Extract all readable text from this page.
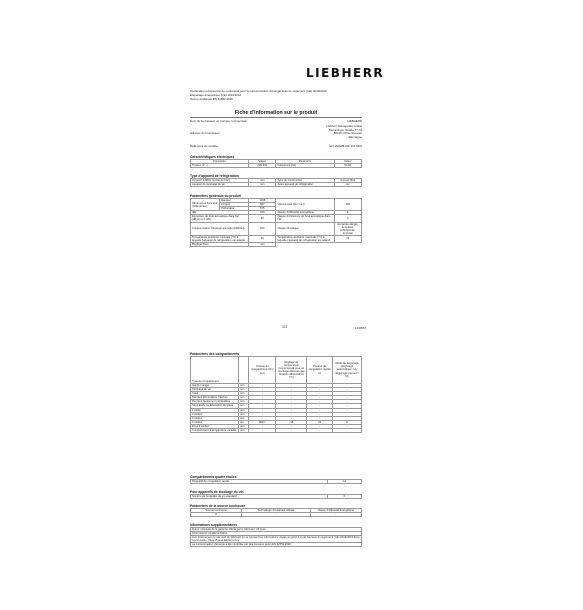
LIEBHERR
Déclaration européenne de conformité pour la consommation d'énergie selon le règlement (UE) 2019/2016
Étiquetage énergétique (UE) 2019/2016
Norme appliquée EN 62552:2020
Fiche d'information sur le produit
Nom du fournisseur ou marque commerciale	LIEBHERR
Adresse du fournisseur
Liebherr-Hausgeräte GmbH
Memminger Straße 77-79
88416 Ochsenhausen
Allemagne
Référence du modèle	EN 16DWB (EF 201 991)
Caractéristiques électriques
Paramètre	Valeur	Paramètre	Valeur
Tension (V ~)	220-240	Fréquence (Hz)	50-60
Type d'appareil de réfrigération
Appareil à faible niveau de bruit	non	Type de construction	à poser libre
Appareil de stockage du vin	non	Autre appareil de réfrigération	oui
Paramètres généraux du produit
Dimensions hors tout (millimètres)	Hauteur	1465	Volume total (dm³ ou l)	399
	Largeur	597		
	Profondeur	675		
IEE		100	Classe d'efficacité énergétique	E
Émissions de bruit acoustique dans l'air (dB(A) re 1 pW)		36	Classe d'émissions de bruit acoustique dans l'air	C
Consommation d'énergie annuelle (kWh/an)		213	Classe climatique	tempérée élargie, tempérée, subtropicale, tropicale
Température ambiante minimale (°C) à laquelle l'appareil de réfrigération est adapté		10	Température ambiante maximale (°C) à laquelle l'appareil de réfrigération est adapté	43
Réglage hiver		non		
1/3	1234567
Paramètres des compartiments
Type de compartiment		Volume du compartiment (dm³ ou l)	Réglage de température recommandé pour un stockage optimisé des denrées alimentaires (°C)	Pouvoir de congélation (kg/24 h)	Mode de dégivrage (dégivrage automatique = A, dégivrage manuel = M)
Garde-manger	non	-	-	-	-
Stockage du vin	non	-	-	-	-
Cave	non	-	-	-	-
Denrées alimentaires fraîches	non	-	-	-	-
Denrées hautement périssables	non	-	-	-	-
Sans étoile ou fabrication de glace	non	-	-	-	-
1 étoile	non	-	-	-	-
2 étoiles	non	-	-	-	-
3 étoiles	non	-	-	-	-
4 étoiles	oui	399,7	-18	24	A
Zone 2 étoiles	non	-	-	-	-
Compartiment à température variable	non	-	-	-	-
Compartiments quatre étoiles
Dispositif de congélation rapide	oui
Pour appareils de stockage du vin
Nombre de bouteilles de vin standard	0
Paramètres de la source lumineuse
Source lumineuse	Technologie d'éclairage utilisée	Classe d'efficacité énergétique
0	-	-
Informations supplémentaires
Durée minimale de la garantie offerte par le fabricant: 24 mois
Informations supplémentaires:
Lien Internet vers le site web du fabricant où se trouvent les informations visées au point 4 a) de l'annexe du règlement (UE) 2019/2019 de la Commission: https://home.liebherr.com/
La consommation d'énergie a été contrôlée par des mesures selon EN 62552:2020.
